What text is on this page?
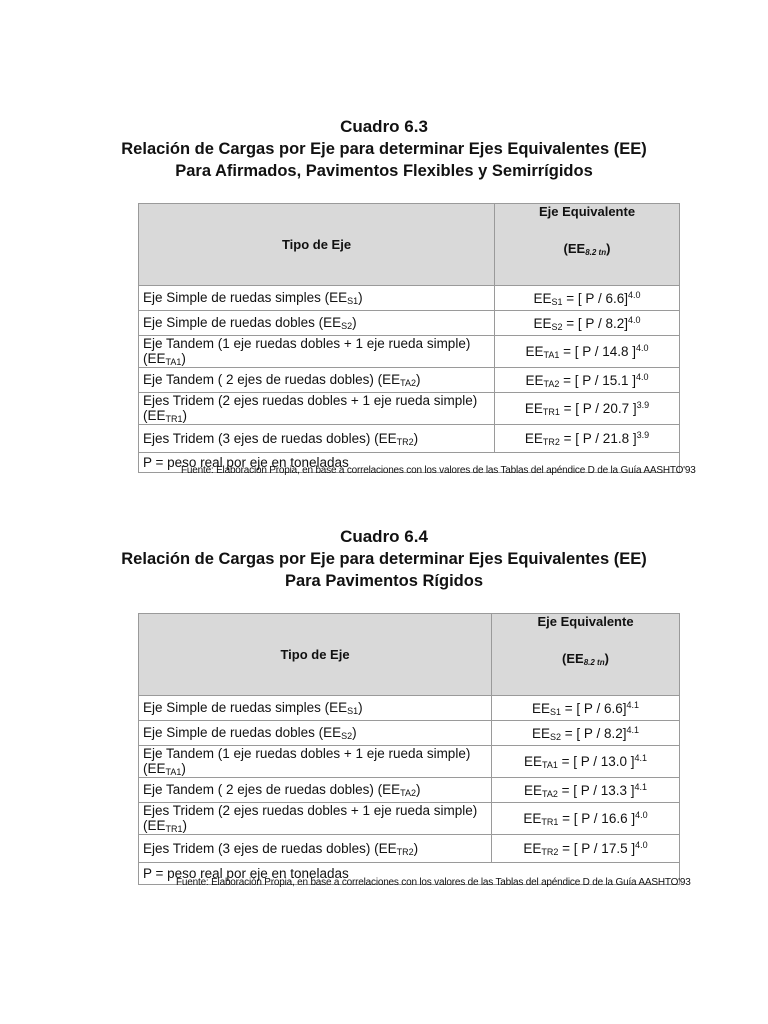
Cuadro 6.3
Relación de Cargas por Eje para determinar Ejes Equivalentes (EE)
Para Afirmados, Pavimentos Flexibles y Semirrígidos
Tipo de Eje	Eje Equivalente
(EE8.2 tn)

Eje Simple de ruedas simples $(EE_{S1})$	$EE_{S1}$ = [ P / 6.6]$^{4.0}$
Eje Simple de ruedas dobles $(EE_{S2})$	$EE_{S2}$ = [ P / 8.2]$^{4.0}$
Eje Tandem (1 eje ruedas dobles + 1 eje rueda simple) $(EE_{TA1})$	$EE_{TA1}$ = [ P / 14.8 ]$^{4.0}$
Eje Tandem ( 2 ejes de ruedas dobles) $(EE_{TA2})$	$EE_{TA2}$ = [ P / 15.1 ]$^{4.0}$
Ejes Tridem (2 ejes ruedas dobles + 1 eje rueda simple) $(EE_{TR1})$	$EE_{TR1}$ = [ P / 20.7 ]$^{3.9}$
Ejes Tridem (3 ejes de ruedas dobles) $(EE_{TR2})$	$EE_{TR2}$ = [ P / 21.8 ]$^{3.9}$
P = peso real por eje en toneladas	
Fuente: Elaboración Propia, en base a correlaciones con los valores de las Tablas del apéndice D de la Guía AASHTO'93
Cuadro 6.4
Relación de Cargas por Eje para determinar Ejes Equivalentes (EE)
Para Pavimentos Rígidos
Tipo de Eje	Eje Equivalente
(EE8.2 tn)

Eje Simple de ruedas simples $(EE_{S1})$	$EE_{S1}$ = [ P / 6.6]$^{4.1}$
Eje Simple de ruedas dobles $(EE_{S2})$	$EE_{S2}$ = [ P / 8.2]$^{4.1}$
Eje Tandem (1 eje ruedas dobles + 1 eje rueda simple) $(EE_{TA1})$	$EE_{TA1}$ = [ P / 13.0 ]$^{4.1}$
Eje Tandem ( 2 ejes de ruedas dobles) $(EE_{TA2})$	$EE_{TA2}$ = [ P / 13.3 ]$^{4.1}$
Ejes Tridem (2 ejes ruedas dobles + 1 eje rueda simple) $(EE_{TR1})$	$EE_{TR1}$ = [ P / 16.6 ]$^{4.0}$
Ejes Tridem (3 ejes de ruedas dobles) $(EE_{TR2})$	$EE_{TR2}$ = [ P / 17.5 ]$^{4.0}$
P = peso real por eje en toneladas	
Fuente: Elaboración Propia, en base a correlaciones con los valores de las Tablas del apéndice D de la Guía AASHTO'93
